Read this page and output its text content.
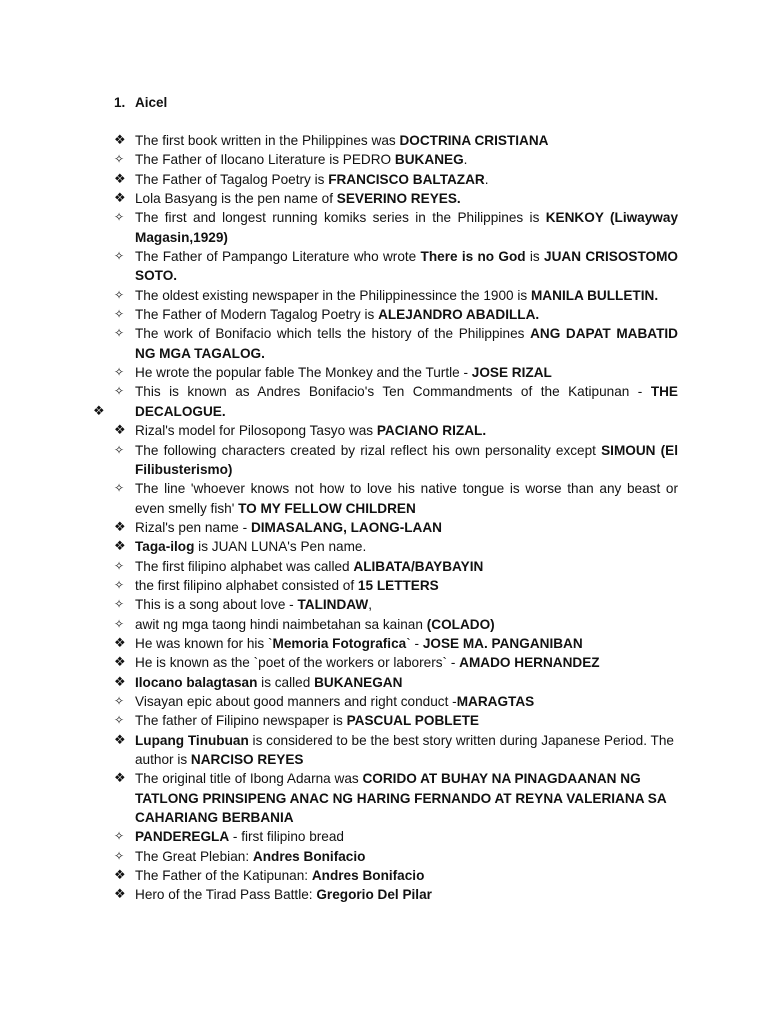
1. Aicel
❖ The first book written in the Philippines was DOCTRINA CRISTIANA
✧ The Father of Ilocano Literature is PEDRO BUKANEG.
❖ The Father of Tagalog Poetry is FRANCISCO BALTAZAR.
❖ Lola Basyang is the pen name of SEVERINO REYES.
✧ The first and longest running komiks series in the Philippines is KENKOY (Liwayway Magasin,1929)
✧ The Father of Pampango Literature who wrote There is no God is JUAN CRISOSTOMO SOTO.
✧ The oldest existing newspaper in the Philippinessince the 1900 is MANILA BULLETIN.
✧ The Father of Modern Tagalog Poetry is ALEJANDRO ABADILLA.
✧ The work of Bonifacio which tells the history of the Philippines ANG DAPAT MABATID NG MGA TAGALOG.
✧ He wrote the popular fable The Monkey and the Turtle - JOSE RIZAL
✧
❖
This is known as Andres Bonifacio's Ten Commandments of the Katipunan - THE DECALOGUE.
❖ Rizal's model for Pilosopong Tasyo was PACIANO RIZAL.
✧ The following characters created by rizal reflect his own personality except SIMOUN (El Filibusterismo)
✧ The line 'whoever knows not how to love his native tongue is worse than any beast or even smelly fish' TO MY FELLOW CHILDREN
❖ Rizal's pen name - DIMASALANG, LAONG-LAAN
❖ Taga-ilog is JUAN LUNA's Pen name.
✧ The first filipino alphabet was called ALIBATA/BAYBAYIN
✧ the first filipino alphabet consisted of 15 LETTERS
✧ This is a song about love - TALINDAW,
✧ awit ng mga taong hindi naimbetahan sa kainan (COLADO)
❖ He was known for his `Memoria Fotografica` - JOSE MA. PANGANIBAN
❖ He is known as the `poet of the workers or laborers` - AMADO HERNANDEZ
❖ Ilocano balagtasan is called BUKANEGAN
✧ Visayan epic about good manners and right conduct -MARAGTAS
✧ The father of Filipino newspaper is PASCUAL POBLETE
❖ Lupang Tinubuan is considered to be the best story written during Japanese Period. The author is NARCISO REYES
❖ The original title of Ibong Adarna was CORIDO AT BUHAY NA PINAGDAANAN NG TATLONG PRINSIPENG ANAC NG HARING FERNANDO AT REYNA VALERIANA SA CAHARIANG BERBANIA
✧ PANDEREGLA - first filipino bread
✧ The Great Plebian: Andres Bonifacio
❖ The Father of the Katipunan: Andres Bonifacio
❖ Hero of the Tirad Pass Battle: Gregorio Del Pilar
